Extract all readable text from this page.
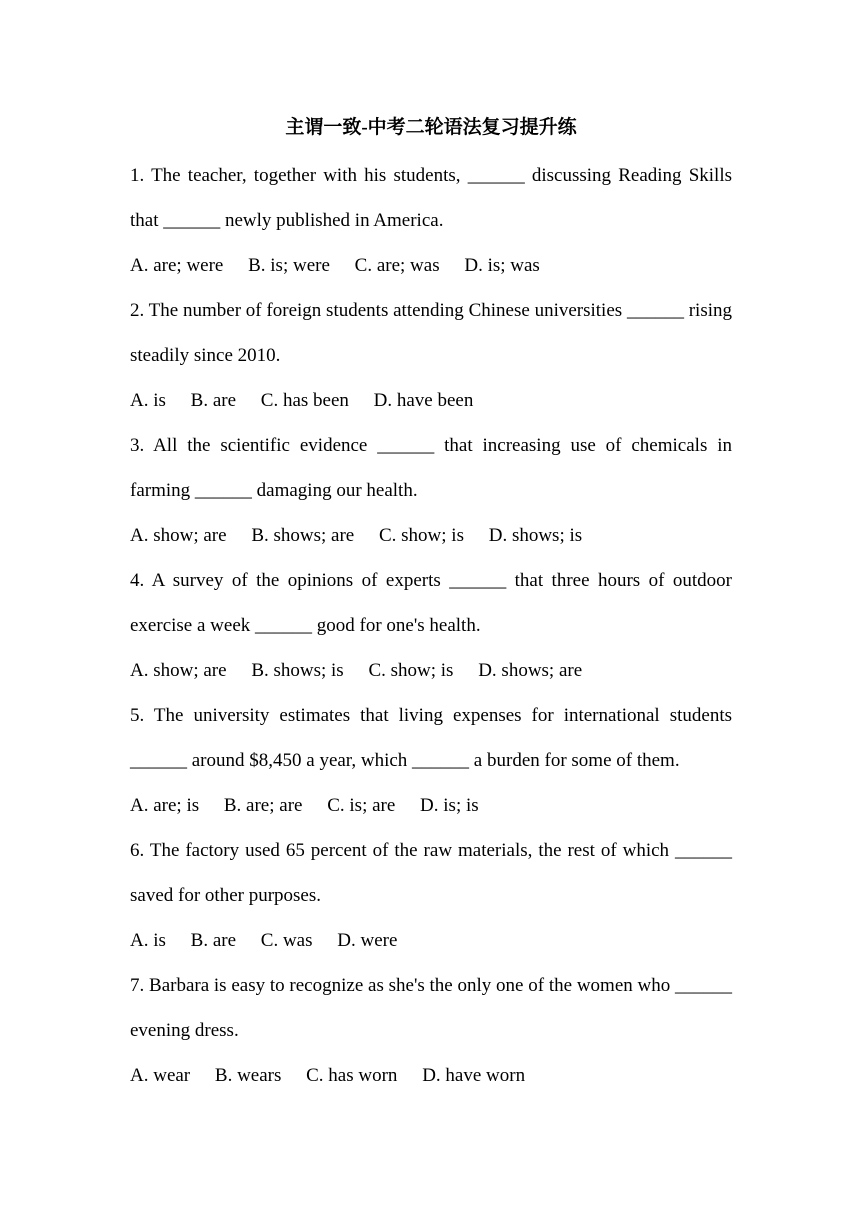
主谓一致-中考二轮语法复习提升练

1. The teacher, together with his students, ______ discussing Reading Skills that ______ newly published in America.

A. are; were B. is; were C. are; was D. is; was

2. The number of foreign students attending Chinese universities ______ rising steadily since 2010.

A. is B. are C. has been D. have been

3. All the scientific evidence ______ that increasing use of chemicals in farming ______ damaging our health.

A. show; are B. shows; are C. show; is D. shows; is

4. A survey of the opinions of experts ______ that three hours of outdoor exercise a week ______ good for one's health.

A. show; are B. shows; is C. show; is D. shows; are

5. The university estimates that living expenses for international students ______ around $8,450 a year, which ______ a burden for some of them.

A. are; is B. are; are C. is; are D. is; is

6. The factory used 65 percent of the raw materials, the rest of which ______ saved for other purposes.

A. is B. are C. was D. were

7. Barbara is easy to recognize as she's the only one of the women who ______ evening dress.

A. wear B. wears C. has worn D. have worn
